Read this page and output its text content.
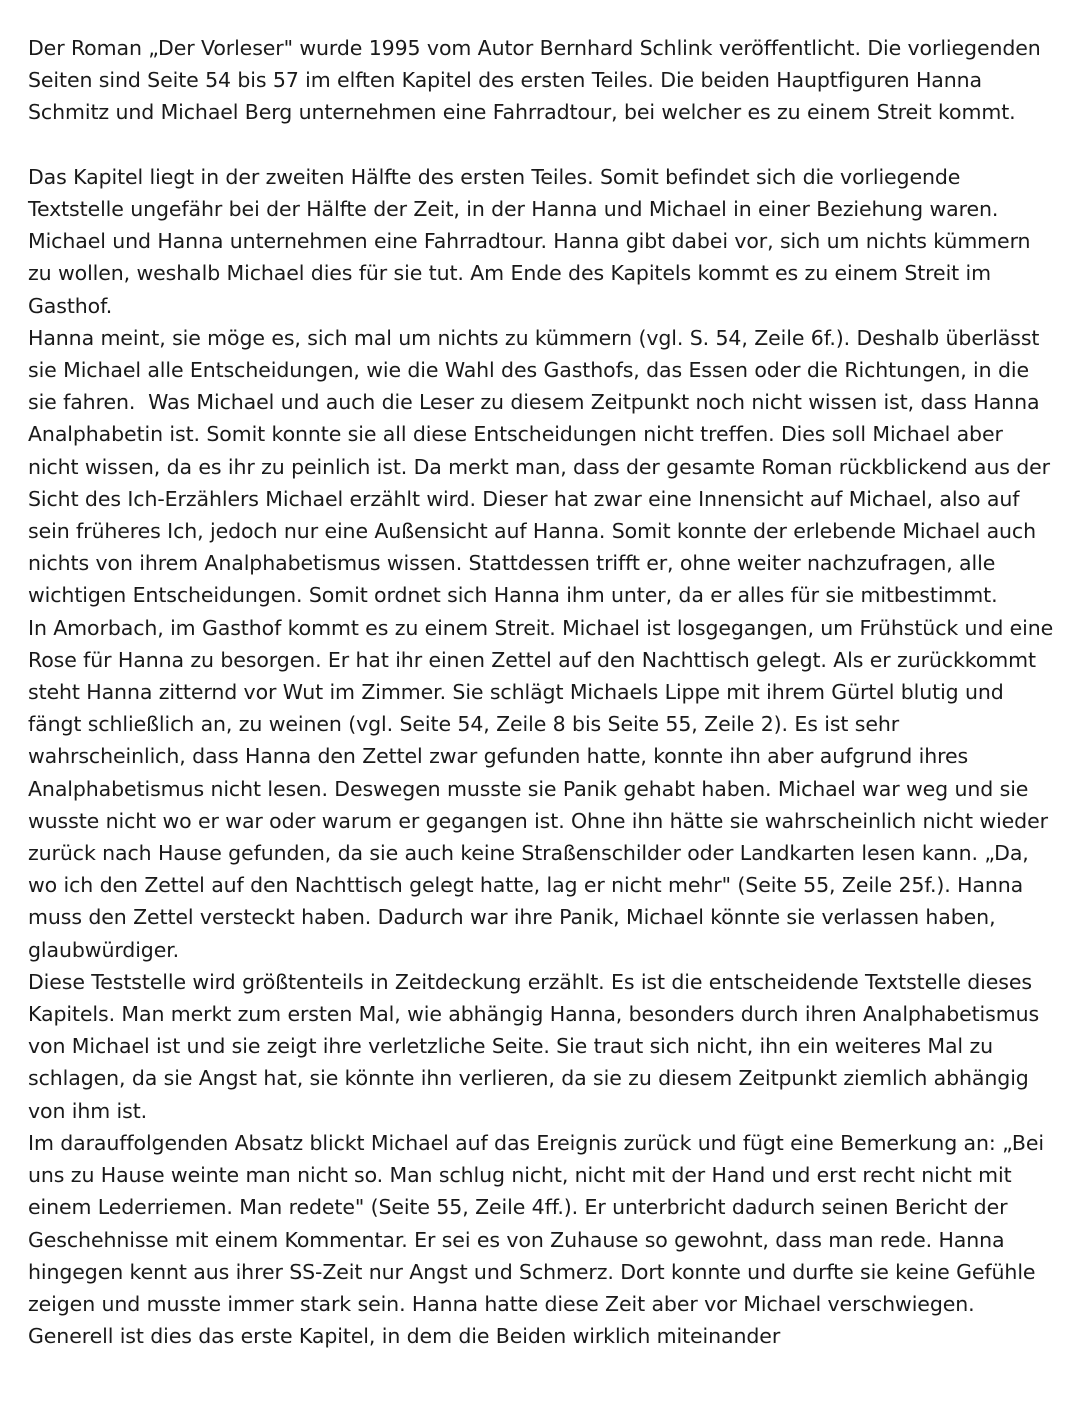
Der Roman „Der Vorleser" wurde 1995 vom Autor Bernhard Schlink veröffentlicht. Die vorliegenden Seiten sind Seite 54 bis 57 im elften Kapitel des ersten Teiles. Die beiden Hauptfiguren Hanna Schmitz und Michael Berg unternehmen eine Fahrradtour, bei welcher es zu einem Streit kommt.

Das Kapitel liegt in der zweiten Hälfte des ersten Teiles. Somit befindet sich die vorliegende Textstelle ungefähr bei der Hälfte der Zeit, in der Hanna und Michael in einer Beziehung waren. Michael und Hanna unternehmen eine Fahrradtour. Hanna gibt dabei vor, sich um nichts kümmern zu wollen, weshalb Michael dies für sie tut. Am Ende des Kapitels kommt es zu einem Streit im Gasthof.

Hanna meint, sie möge es, sich mal um nichts zu kümmern (vgl. S. 54, Zeile 6f.). Deshalb überlässt sie Michael alle Entscheidungen, wie die Wahl des Gasthofs, das Essen oder die Richtungen, in die sie fahren.  Was Michael und auch die Leser zu diesem Zeitpunkt noch nicht wissen ist, dass Hanna Analphabetin ist. Somit konnte sie all diese Entscheidungen nicht treffen. Dies soll Michael aber nicht wissen, da es ihr zu peinlich ist. Da merkt man, dass der gesamte Roman rückblickend aus der Sicht des Ich-Erzählers Michael erzählt wird. Dieser hat zwar eine Innensicht auf Michael, also auf sein früheres Ich, jedoch nur eine Außensicht auf Hanna. Somit konnte der erlebende Michael auch nichts von ihrem Analphabetismus wissen. Stattdessen trifft er, ohne weiter nachzufragen, alle wichtigen Entscheidungen. Somit ordnet sich Hanna ihm unter, da er alles für sie mitbestimmt.

In Amorbach, im Gasthof kommt es zu einem Streit. Michael ist losgegangen, um Frühstück und eine Rose für Hanna zu besorgen. Er hat ihr einen Zettel auf den Nachttisch gelegt. Als er zurückkommt steht Hanna zitternd vor Wut im Zimmer. Sie schlägt Michaels Lippe mit ihrem Gürtel blutig und fängt schließlich an, zu weinen (vgl. Seite 54, Zeile 8 bis Seite 55, Zeile 2). Es ist sehr wahrscheinlich, dass Hanna den Zettel zwar gefunden hatte, konnte ihn aber aufgrund ihres Analphabetismus nicht lesen. Deswegen musste sie Panik gehabt haben. Michael war weg und sie wusste nicht wo er war oder warum er gegangen ist. Ohne ihn hätte sie wahrscheinlich nicht wieder zurück nach Hause gefunden, da sie auch keine Straßenschilder oder Landkarten lesen kann. „Da, wo ich den Zettel auf den Nachttisch gelegt hatte, lag er nicht mehr" (Seite 55, Zeile 25f.). Hanna muss den Zettel versteckt haben. Dadurch war ihre Panik, Michael könnte sie verlassen haben, glaubwürdiger.

Diese Teststelle wird größtenteils in Zeitdeckung erzählt. Es ist die entscheidende Textstelle dieses Kapitels. Man merkt zum ersten Mal, wie abhängig Hanna, besonders durch ihren Analphabetismus von Michael ist und sie zeigt ihre verletzliche Seite. Sie traut sich nicht, ihn ein weiteres Mal zu schlagen, da sie Angst hat, sie könnte ihn verlieren, da sie zu diesem Zeitpunkt ziemlich abhängig von ihm ist.

Im darauffolgenden Absatz blickt Michael auf das Ereignis zurück und fügt eine Bemerkung an: „Bei uns zu Hause weinte man nicht so. Man schlug nicht, nicht mit der Hand und erst recht nicht mit einem Lederriemen. Man redete" (Seite 55, Zeile 4ff.). Er unterbricht dadurch seinen Bericht der Geschehnisse mit einem Kommentar. Er sei es von Zuhause so gewohnt, dass man rede. Hanna hingegen kennt aus ihrer SS-Zeit nur Angst und Schmerz. Dort konnte und durfte sie keine Gefühle zeigen und musste immer stark sein. Hanna hatte diese Zeit aber vor Michael verschwiegen. Generell ist dies das erste Kapitel, in dem die Beiden wirklich miteinander
